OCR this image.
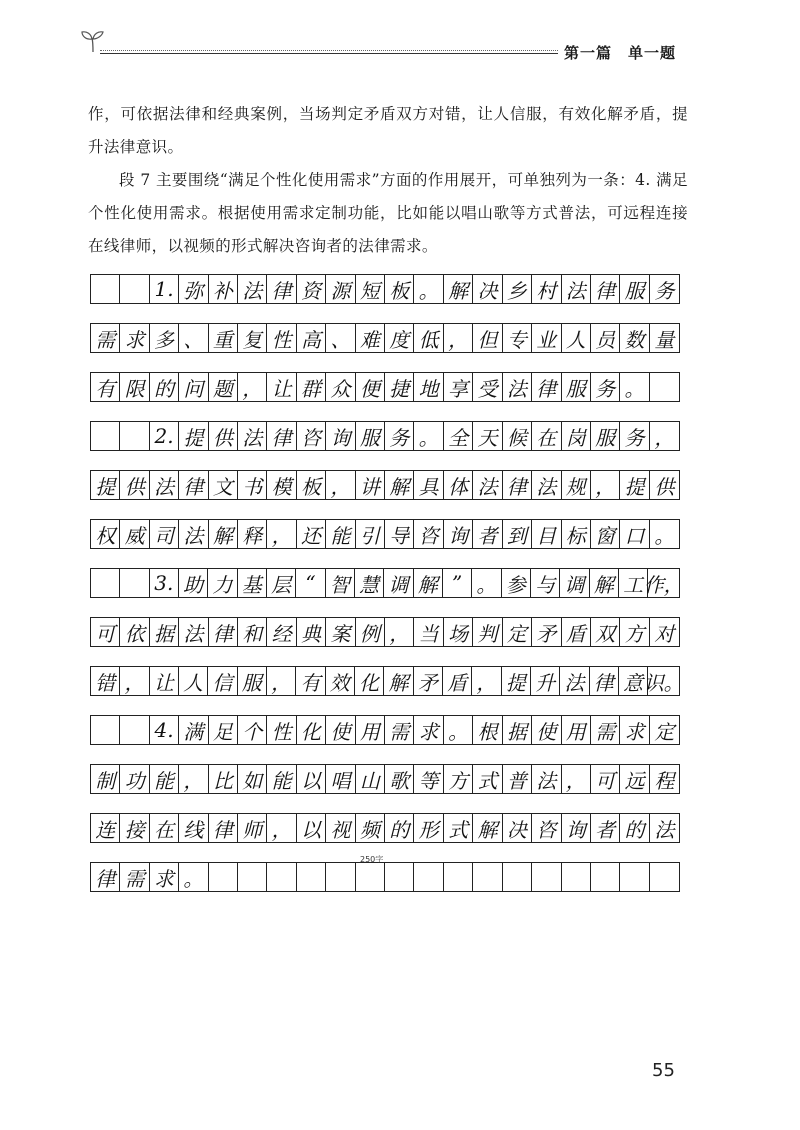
第一篇　单一题
作，可依据法律和经典案例，当场判定矛盾双方对错，让人信服，有效化解矛盾，提升法律意识。
段 7 主要围绕“满足个性化使用需求”方面的作用展开，可单独列为一条：4. 满足个性化使用需求。根据使用需求定制功能，比如能以唱山歌等方式普法，可远程连接在线律师，以视频的形式解决咨询者的法律需求。
1. 弥 补 法 律 资 源 短 板 。 解 决 乡 村 法 律 服 务
需 求 多 、 重 复 性 高 、 难 度 低 ， 但 专 业 人 员 数 量
有 限 的 问 题 ， 让 群 众 便 捷 地 享 受 法 律 服 务 。
2. 提 供 法 律 咨 询 服 务 。 全 天 候 在 岗 服 务 ，
提 供 法 律 文 书 模 板 ， 讲 解 具 体 法 律 法 规 ， 提 供
权 威 司 法 解 释 ， 还 能 引 导 咨 询 者 到 目 标 窗 口 。
3. 助 力 基 层 “ 智 慧 调 解 ” 。 参 与 调 解 工 作，
可 依 据 法 律 和 经 典 案 例 ， 当 场 判 定 矛 盾 双 方 对
错 ， 让 人 信 服 ， 有 效 化 解 矛 盾 ， 提 升 法 律 意 识。
4. 满 足 个 性 化 使 用 需 求 。 根 据 使 用 需 求 定
制 功 能 ， 比 如 能 以 唱 山 歌 等 方 式 普 法 ， 可 远 程
连 接 在 线 律 师 ， 以 视 频 的 形 式 解 决 咨 询 者 的 法
律 需 求 。
250字
55
